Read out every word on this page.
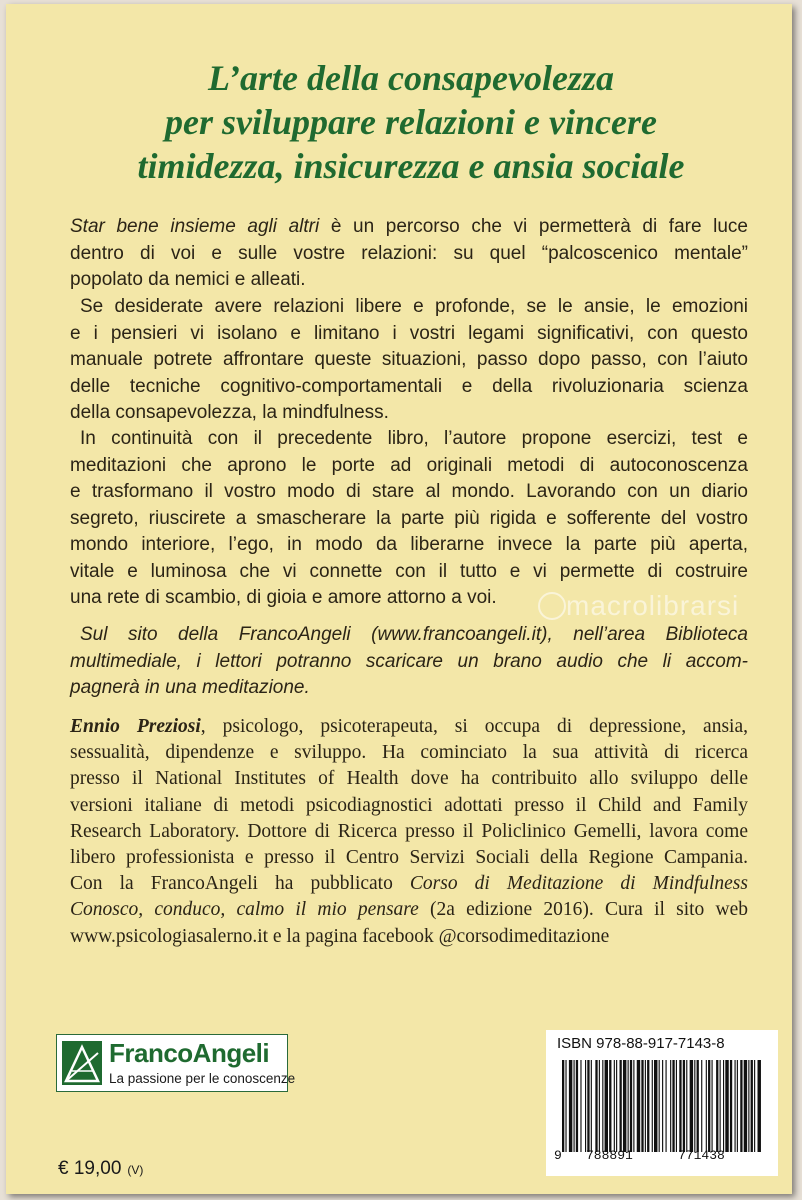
L’arte della consapevolezza
per sviluppare relazioni e vincere
timidezza, insicurezza e ansia sociale
Star bene insieme agli altri è un percorso che vi permetterà di fare luce
dentro di voi e sulle vostre relazioni: su quel “palcoscenico mentale”
popolato da nemici e alleati.
Se desiderate avere relazioni libere e profonde, se le ansie, le emozioni
e i pensieri vi isolano e limitano i vostri legami significativi, con questo
manuale potrete affrontare queste situazioni, passo dopo passo, con l’aiuto
delle tecniche cognitivo-comportamentali e della rivoluzionaria scienza
della consapevolezza, la mindfulness.
In continuità con il precedente libro, l’autore propone esercizi, test e
meditazioni che aprono le porte ad originali metodi di autoconoscenza
e trasformano il vostro modo di stare al mondo. Lavorando con un diario
segreto, riuscirete a smascherare la parte più rigida e sofferente del vostro
mondo interiore, l’ego, in modo da liberarne invece la parte più aperta,
vitale e luminosa che vi connette con il tutto e vi permette di costruire
una rete di scambio, di gioia e amore attorno a voi.	macrolibrarsi
Sul sito della FrancoAngeli (www.francoangeli.it), nell’area Biblioteca
multimediale, i lettori potranno scaricare un brano audio che li accom-
pagnerà in una meditazione.
Ennio Preziosi, psicologo, psicoterapeuta, si occupa di depressione, ansia,
sessualità, dipendenze e sviluppo. Ha cominciato la sua attività di ricerca
presso il National Institutes of Health dove ha contribuito allo sviluppo delle
versioni italiane di metodi psicodiagnostici adottati presso il Child and Family
Research Laboratory. Dottore di Ricerca presso il Policlinico Gemelli, lavora come
libero professionista e presso il Centro Servizi Sociali della Regione Campania.
Con la FrancoAngeli ha pubblicato Corso di Meditazione di Mindfulness
Conosco, conduco, calmo il mio pensare (2a edizione 2016). Cura il sito web
www.psicologiasalerno.it e la pagina facebook @corsodimeditazione
FrancoAngeli
La passione per le conoscenze
€ 19,00 (V)
ISBN 978-88-917-7143-8
9 788891	771438
